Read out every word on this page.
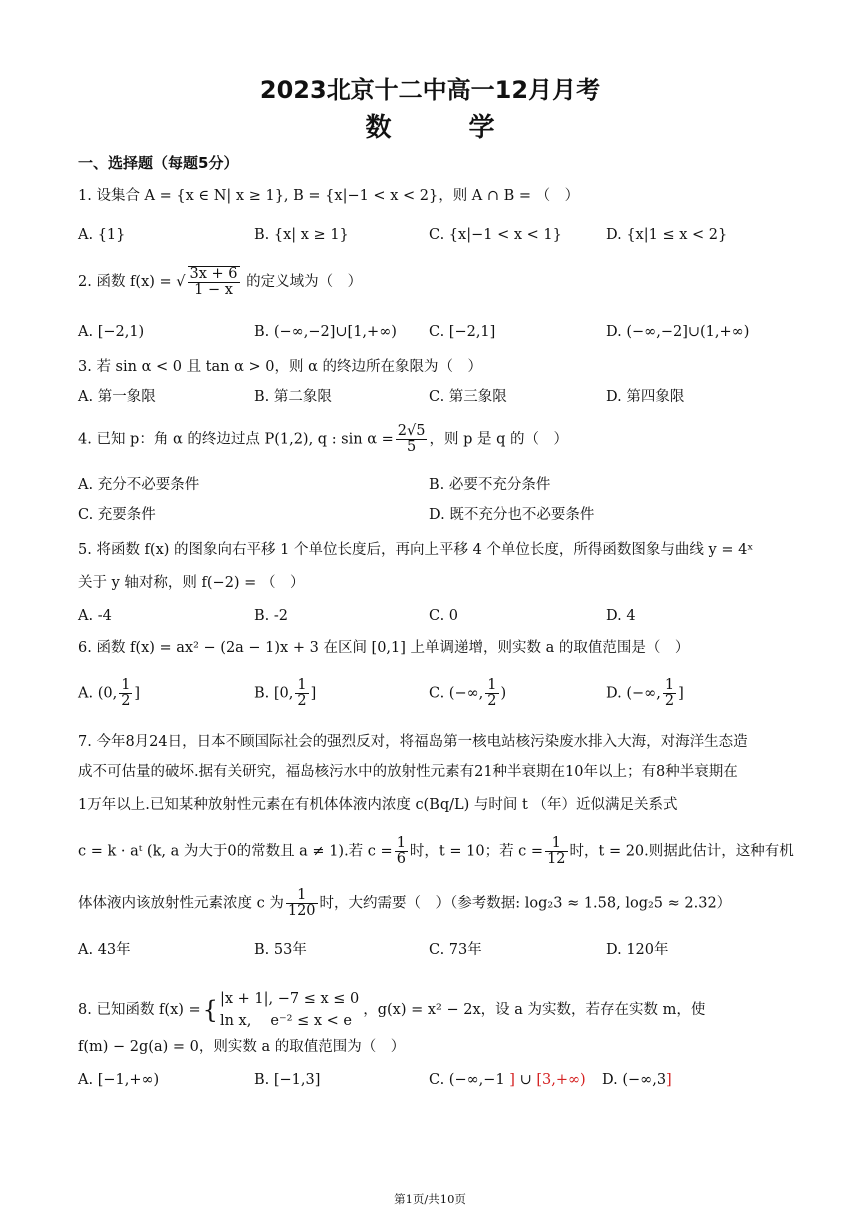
2023北京十二中高一12月月考
数 学
一、选择题（每题5分）
1. 设集合 A = {x ∈ N| x ≥ 1}, B = {x|−1 < x < 2}，则 A ∩ B = （　）
A. {1}	B. {x| x ≥ 1}	C. {x|−1 < x < 1}	D. {x|1 ≤ x < 2}
2. 函数 f(x) = √ $\frac{3x + 6}{1 - x}$ 的定义域为（　）
A. [−2,1)	B. (−∞,−2]∪[1,+∞) C. [−2,1]	D. (−∞,−2]∪(1,+∞)
3. 若 sin α < 0 且 tan α > 0，则 α 的终边所在象限为（　）
A. 第一象限	B. 第二象限	C. 第三象限	D. 第四象限
4. 已知 p：角 α 的终边过点 P(1,2), q : $\sin \alpha = \frac{2√5}{5}$ ，则 p 是 q 的（　）
A. 充分不必要条件	B. 必要不充分条件
C. 充要条件	D. 既不充分也不必要条件
5. 将函数 f(x) 的图象向右平移 1 个单位长度后，再向上平移 4 个单位长度，所得函数图象与曲线 y = 4ˣ
关于 y 轴对称，则 f(−2) = （　）
A. -4	B. -2	C. 0	D. 4
6. 函数 f(x) = ax² − (2a − 1)x + 3 在区间 [0,1] 上单调递增，则实数 a 的取值范围是（　）
A. (0, $\frac{1}{2}$ ]	B. [0, $\frac{1}{2}$ ]	C. (−∞, $\frac{1}{2}$ )	D. (−∞, $\frac{1}{2}$ ]
7. 今年8月24日，日本不顾国际社会的强烈反对，将福岛第一核电站核污染废水排入大海，对海洋生态造
成不可估量的破坏.据有关研究，福岛核污水中的放射性元素有21种半衰期在10年以上；有8种半衰期在
1万年以上.已知某种放射性元素在有机体体液内浓度 c(Bq/L) 与时间 t （年）近似满足关系式
c = k · aᵗ (k, a 为大于0的常数且 a ≠ 1).若 $c = \frac{1}{6}$ 时，t = 10；若 $c = \frac{1}{12}$ 时，t = 20.则据此估计，这种有机
体体液内该放射性元素浓度 c 为 $\frac{1}{120}$ 时，大约需要（　）（参考数据: log₂3 ≈ 1.58, log₂5 ≈ 2.32）
A. 43年	B. 53年	C. 73年	D. 120年
8. 已知函数 f(x) = { |x + 1|, −7 ≤ x ≤ 0
ln x,　 e⁻² ≤ x < e
，g(x) = x² − 2x，设 a 为实数，若存在实数 m，使
f(m) − 2g(a) = 0，则实数 a 的取值范围为（　）
A. [−1,+∞)	B. [−1,3]	C. (−∞,−1 ] ∪ [3,+∞) D. (−∞,3]
第1页/共10页
